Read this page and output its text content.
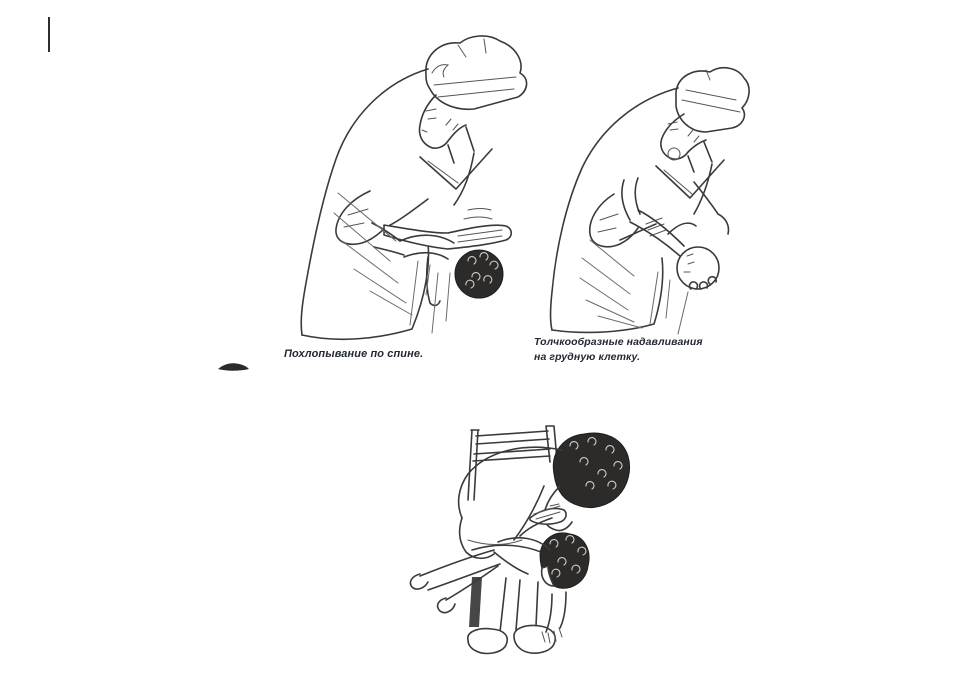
Похлопывание по спине.
Толчкообразные надавливания
на грудную клетку.
